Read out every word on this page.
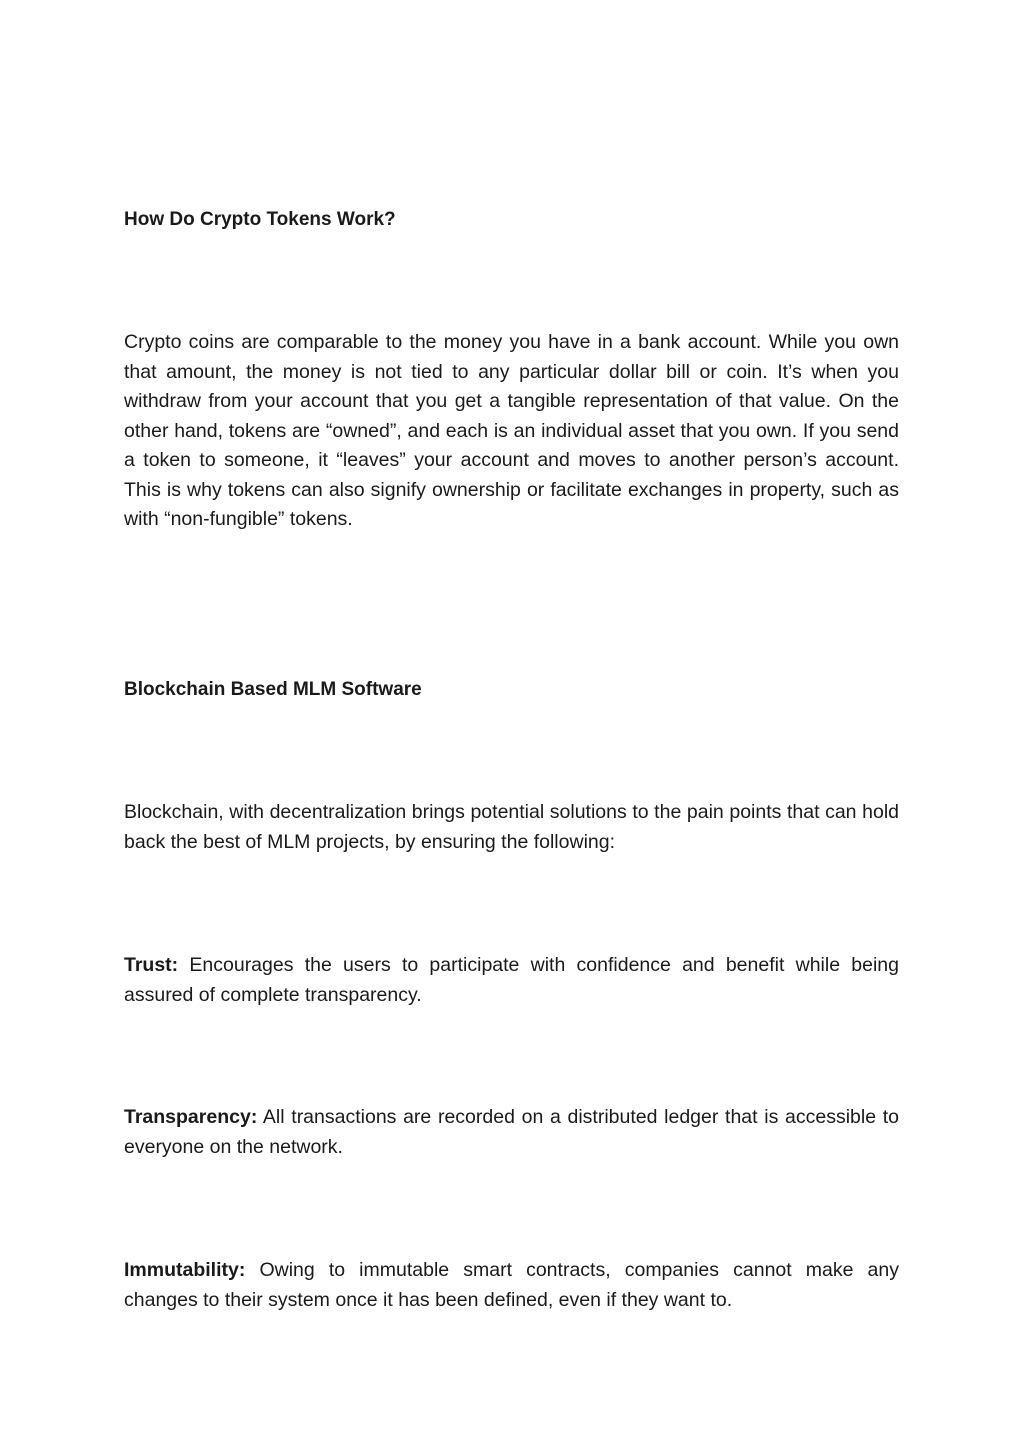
How Do Crypto Tokens Work?

Crypto coins are comparable to the money you have in a bank account. While you own that amount, the money is not tied to any particular dollar bill or coin. It’s when you withdraw from your account that you get a tangible representation of that value. On the other hand, tokens are “owned”, and each is an individual asset that you own. If you send a token to someone, it “leaves” your account and moves to another person’s account. This is why tokens can also signify ownership or facilitate exchanges in property, such as with “non-fungible” tokens.

Blockchain Based MLM Software

Blockchain, with decentralization brings potential solutions to the pain points that can hold back the best of MLM projects, by ensuring the following:

Trust: Encourages the users to participate with confidence and benefit while being assured of complete transparency.

Transparency: All transactions are recorded on a distributed ledger that is accessible to everyone on the network.

Immutability: Owing to immutable smart contracts, companies cannot make any changes to their system once it has been defined, even if they want to.
